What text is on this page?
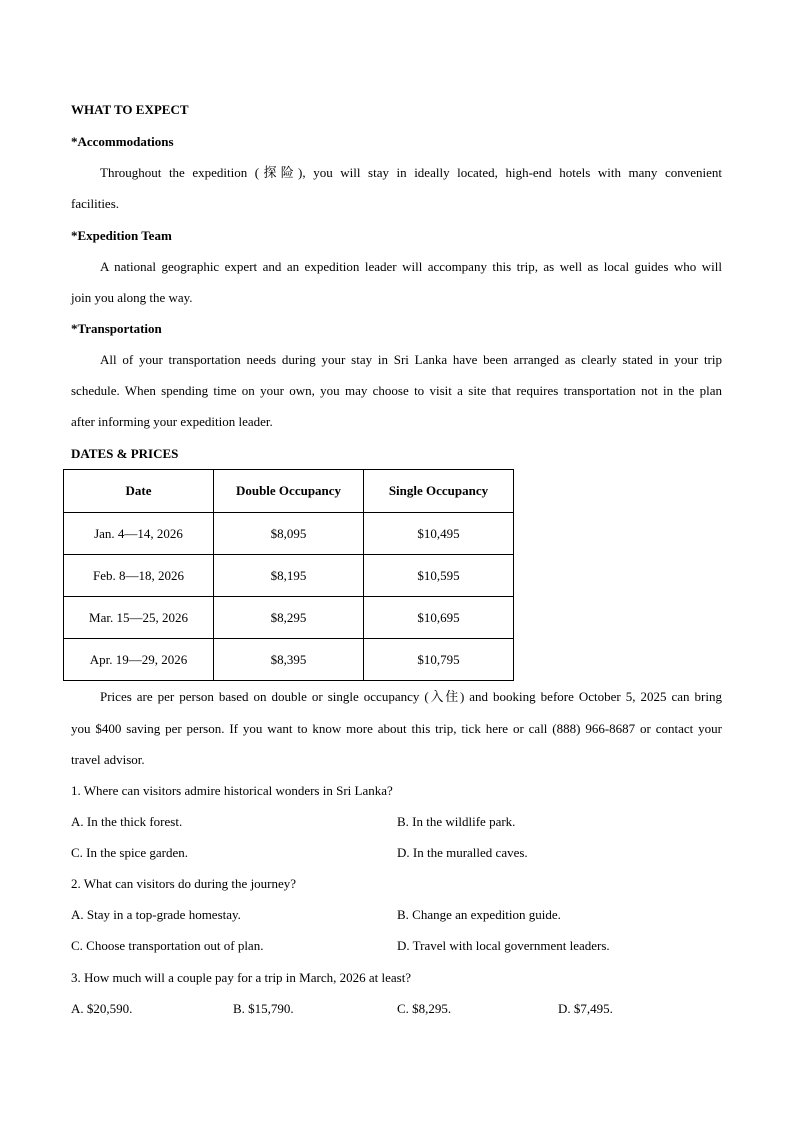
WHAT TO EXPECT
*Accommodations
Throughout the expedition (探险), you will stay in ideally located, high-end hotels with many convenient
facilities.
*Expedition Team
A national geographic expert and an expedition leader will accompany this trip, as well as local guides who will
join you along the way.
*Transportation
All of your transportation needs during your stay in Sri Lanka have been arranged as clearly stated in your trip
schedule. When spending time on your own, you may choose to visit a site that requires transportation not in the plan
after informing your expedition leader.
DATES & PRICES
Date	Double Occupancy	Single Occupancy
Jan. 4—14, 2026	$8,095	$10,495
Feb. 8—18, 2026	$8,195	$10,595
Mar. 15—25, 2026	$8,295	$10,695
Apr. 19—29, 2026	$8,395	$10,795
Prices are per person based on double or single occupancy (入住) and booking before October 5, 2025 can bring
you $400 saving per person. If you want to know more about this trip, tick here or call (888) 966-8687 or contact your
travel advisor.
1. Where can visitors admire historical wonders in Sri Lanka?
A. In the thick forest.	B. In the wildlife park.
C. In the spice garden.	D. In the muralled caves.
2. What can visitors do during the journey?
A. Stay in a top-grade homestay.	B. Change an expedition guide.
C. Choose transportation out of plan.	D. Travel with local government leaders.
3. How much will a couple pay for a trip in March, 2026 at least?
A. $20,590.	B. $15,790.	C. $8,295.	D. $7,495.
